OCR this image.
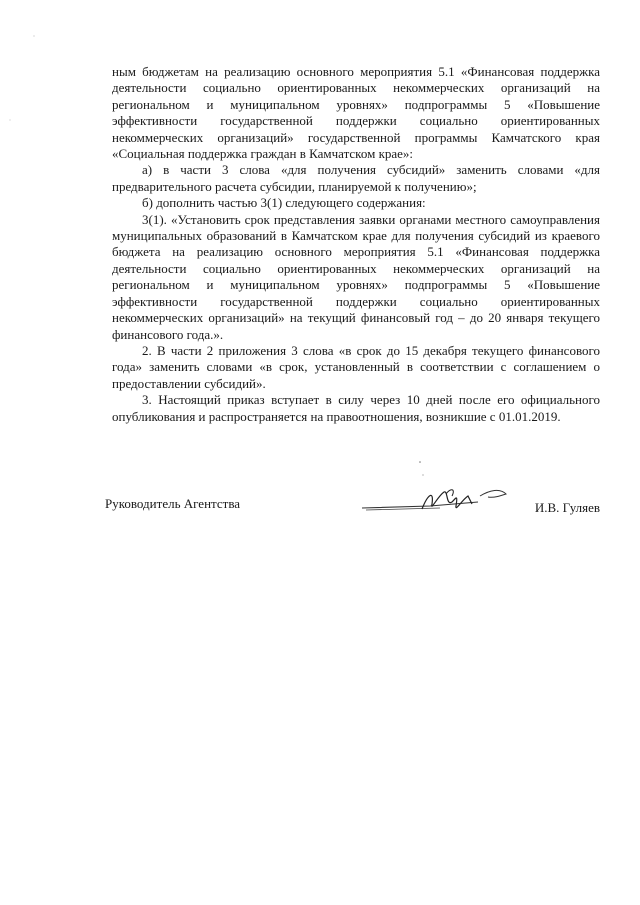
ным бюджетам на реализацию основного мероприятия 5.1 «Финансовая поддержка деятельности социально ориентированных некоммерческих организаций на региональном и муниципальном уровнях» подпрограммы 5 «Повышение эффективности государственной поддержки социально ориентированных некоммерческих организаций» государственной программы Камчатского края «Социальная поддержка граждан в Камчатском крае»:

а) в части 3 слова «для получения субсидий» заменить словами «для предварительного расчета субсидии, планируемой к получению»;

б) дополнить частью 3(1) следующего содержания:

3(1). «Установить срок представления заявки органами местного самоуправления муниципальных образований в Камчатском крае для получения субсидий из краевого бюджета на реализацию основного мероприятия 5.1 «Финансовая поддержка деятельности социально ориентированных некоммерческих организаций на региональном и муниципальном уровнях» подпрограммы 5 «Повышение эффективности государственной поддержки социально ориентированных некоммерческих организаций» на текущий финансовый год – до 20 января текущего финансового года.».

2. В части 2 приложения 3 слова «в срок до 15 декабря текущего финансового года» заменить словами «в срок, установленный в соответствии с соглашением о предоставлении субсидий».

3. Настоящий приказ вступает в силу через 10 дней после его официального опубликования и распространяется на правоотношения, возникшие с 01.01.2019.

Руководитель Агентства	И.В. Гуляев
